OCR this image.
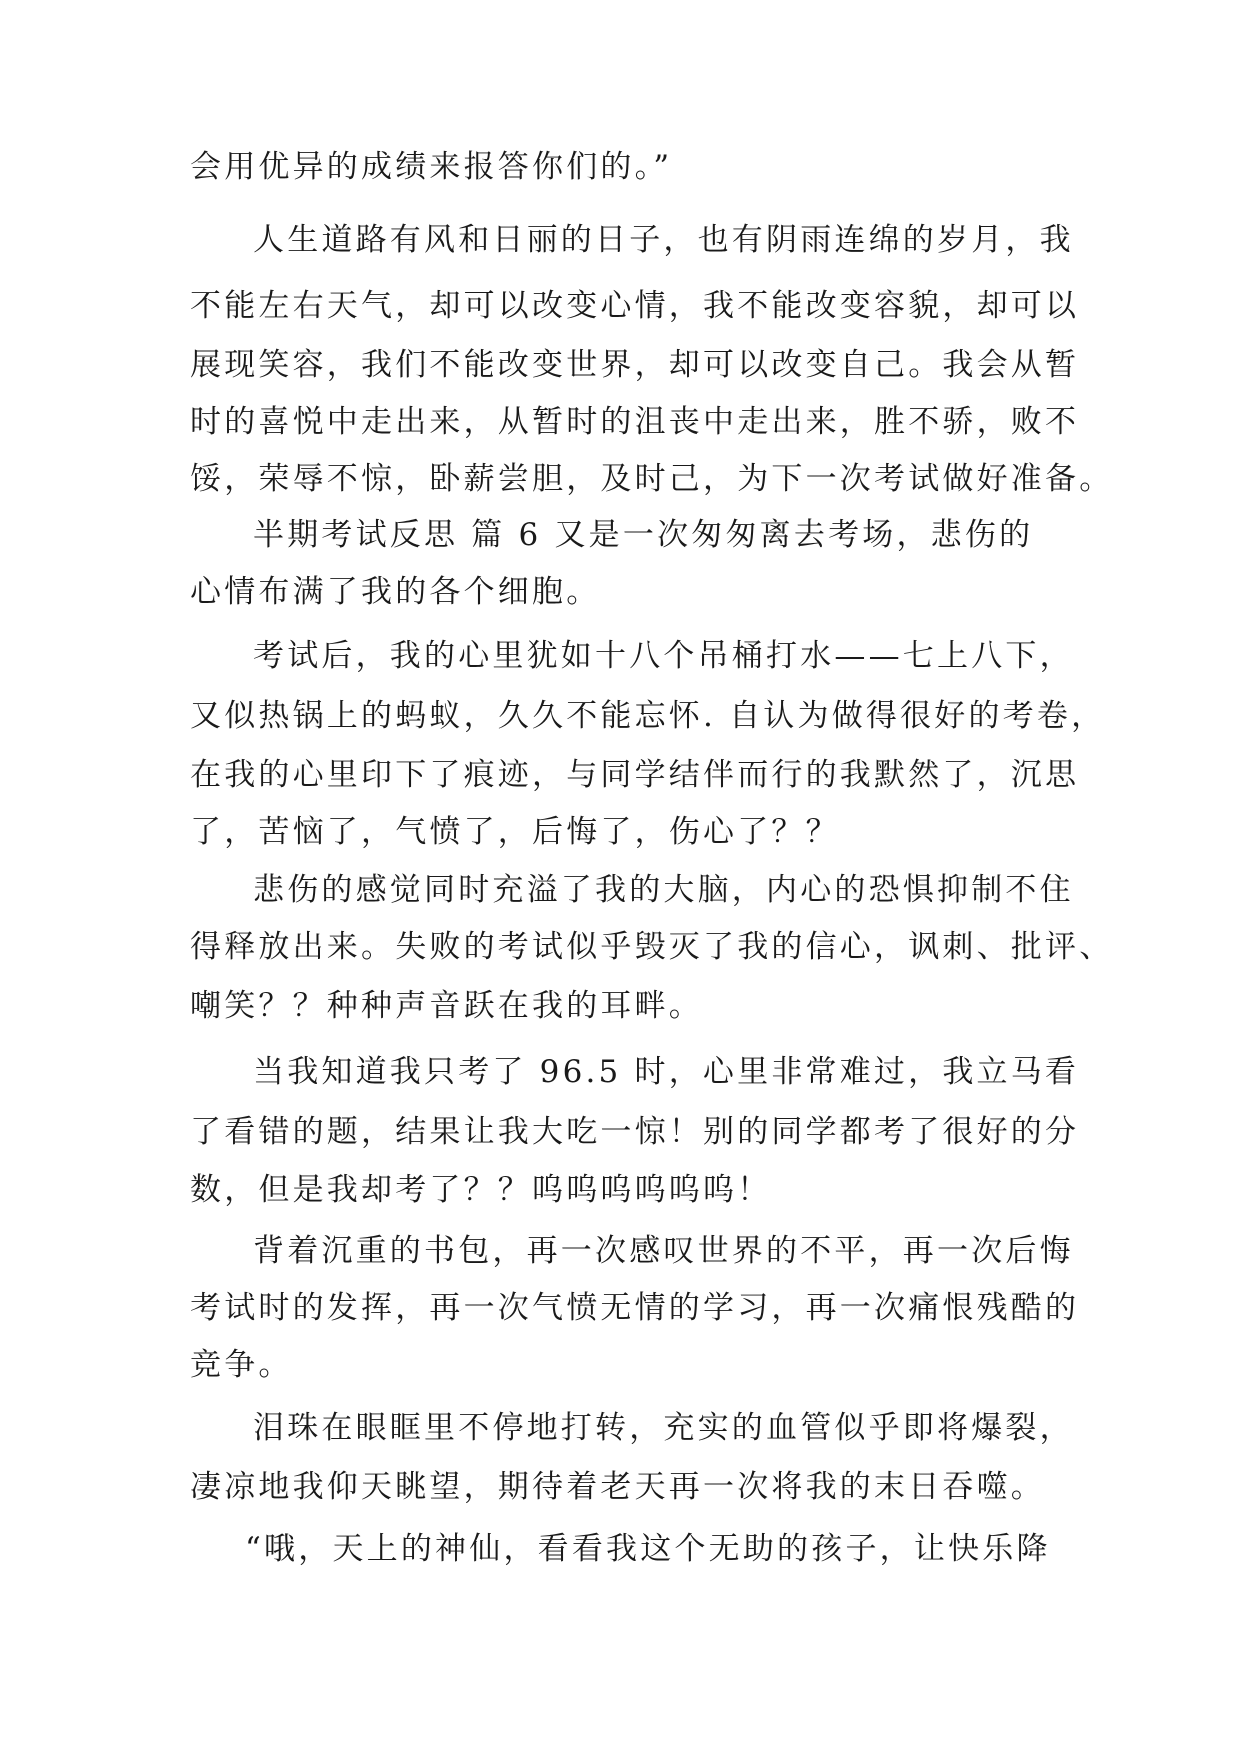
会用优异的成绩来报答你们的。”
人生道路有风和日丽的日子，也有阴雨连绵的岁月，我
不能左右天气，却可以改变心情，我不能改变容貌，却可以
展现笑容，我们不能改变世界，却可以改变自己。我会从暂
时的喜悦中走出来，从暂时的沮丧中走出来，胜不骄，败不
馁，荣辱不惊，卧薪尝胆，及时己，为下一次考试做好准备。
半期考试反思 篇 6 又是一次匆匆离去考场，悲伤的
心情布满了我的各个细胞。
考试后，我的心里犹如十八个吊桶打水——七上八下，
又似热锅上的蚂蚁，久久不能忘怀. 自认为做得很好的考卷，
在我的心里印下了痕迹，与同学结伴而行的我默然了，沉思
了，苦恼了，气愤了，后悔了，伤心了？？
悲伤的感觉同时充溢了我的大脑，内心的恐惧抑制不住
得释放出来。失败的考试似乎毁灭了我的信心，讽刺、批评、
嘲笑？？种种声音跃在我的耳畔。
当我知道我只考了 96.5 时，心里非常难过，我立马看
了看错的题，结果让我大吃一惊！别的同学都考了很好的分
数，但是我却考了？？呜呜呜呜呜呜！
背着沉重的书包，再一次感叹世界的不平，再一次后悔
考试时的发挥，再一次气愤无情的学习，再一次痛恨残酷的
竞争。
泪珠在眼眶里不停地打转，充实的血管似乎即将爆裂，
凄凉地我仰天眺望，期待着老天再一次将我的末日吞噬。
“哦，天上的神仙，看看我这个无助的孩子，让快乐降
